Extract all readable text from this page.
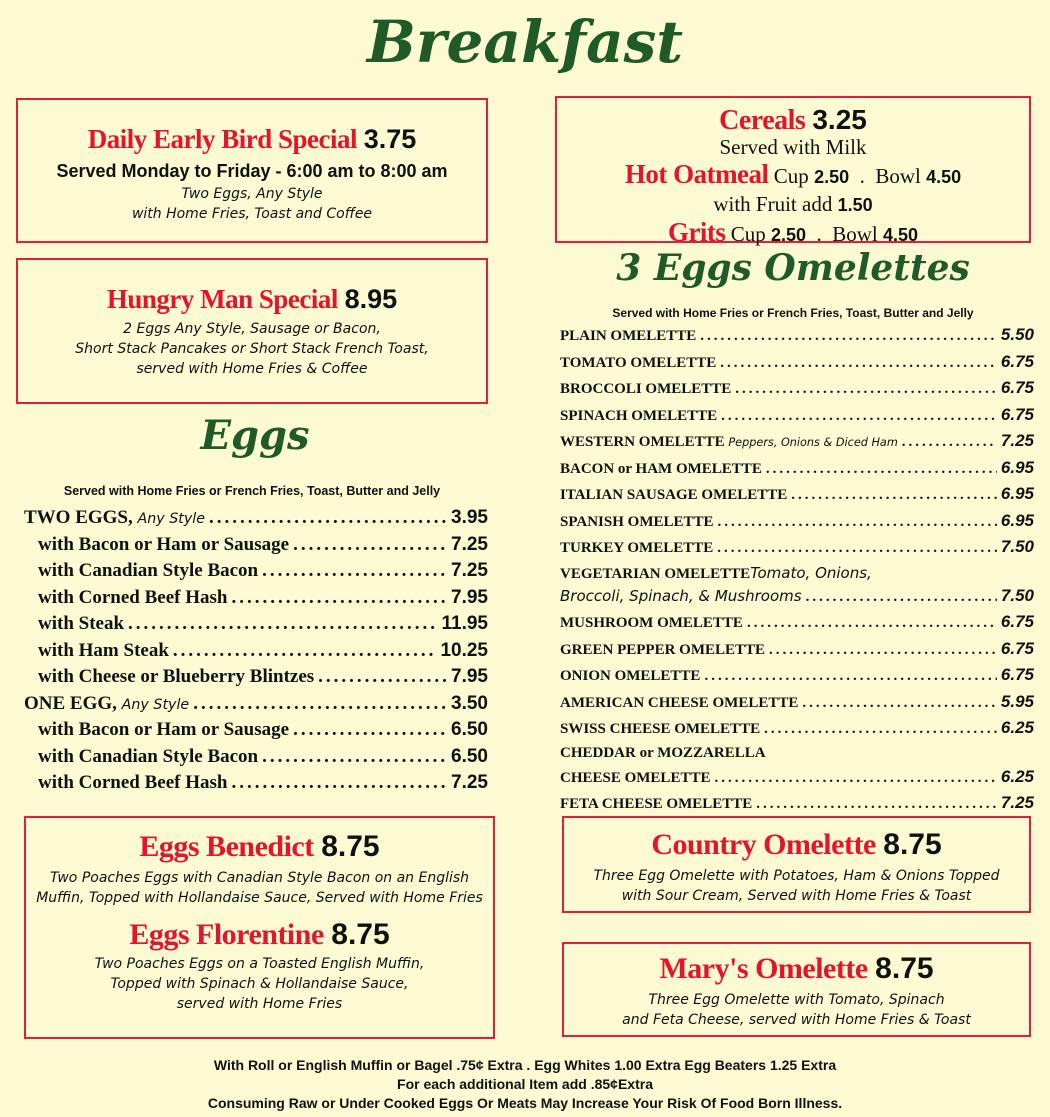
Breakfast
Daily Early Bird Special 3.75
Served Monday to Friday - 6:00 am to 8:00 am
Two Eggs, Any Style
with Home Fries, Toast and Coffee
Hungry Man Special 8.95
2 Eggs Any Style, Sausage or Bacon,
Short Stack Pancakes or Short Stack French Toast,
served with Home Fries & Coffee
Eggs
Served with Home Fries or French Fries, Toast, Butter and Jelly
TWO EGGS,
Any Style .....	3.95
with Bacon or Ham or Sausage .....	7.25
with Canadian Style Bacon .....	7.25
with Corned Beef Hash .....	7.95
with Steak .....	11.95
with Ham Steak .....	10.25
with Cheese or Blueberry Blintzes .....	7.95
ONE EGG,
Any Style .....	3.50
with Bacon or Ham or Sausage .....	6.50
with Canadian Style Bacon .....	6.50
with Corned Beef Hash .....	7.25
Eggs Benedict 8.75
Two Poaches Eggs with Canadian Style Bacon on an English
Muffin, Topped with Hollandaise Sauce, Served with Home Fries
Eggs Florentine 8.75
Two Poaches Eggs on a Toasted English Muffin,
Topped with Spinach & Hollandaise Sauce,
served with Home Fries
Cereals 3.25
Served with Milk
Hot Oatmeal Cup 2.50  .  Bowl 4.50
with Fruit add 1.50
Grits Cup 2.50  .  Bowl 4.50
3 Eggs Omelettes
Served with Home Fries or French Fries, Toast, Butter and Jelly
PLAIN OMELETTE .....	5.50
TOMATO OMELETTE .....	6.75
BROCCOLI OMELETTE .....	6.75
SPINACH OMELETTE .....	6.75
WESTERN OMELETTE
Peppers, Onions & Diced Ham .....	7.25
BACON or HAM OMELETTE .....	6.95
ITALIAN SAUSAGE OMELETTE .....	6.95
SPANISH OMELETTE .....	6.95
TURKEY OMELETTE .....	7.50
VEGETARIAN OMELETTE Tomato, Onions,
Broccoli, Spinach, & Mushrooms .....	7.50
MUSHROOM OMELETTE .....	6.75
GREEN PEPPER OMELETTE .....	6.75
ONION OMELETTE .....	6.75
AMERICAN CHEESE OMELETTE .....	5.95
SWISS CHEESE OMELETTE .....	6.25
CHEDDAR or MOZZARELLA
CHEESE OMELETTE .....	6.25
FETA CHEESE OMELETTE .....	7.25
Country Omelette 8.75
Three Egg Omelette with Potatoes, Ham & Onions Topped
with Sour Cream, Served with Home Fries & Toast
Mary's Omelette 8.75
Three Egg Omelette with Tomato, Spinach
and Feta Cheese, served with Home Fries & Toast
With Roll or English Muffin or Bagel .75¢ Extra . Egg Whites 1.00 Extra Egg Beaters 1.25 Extra
For each additional Item add .85¢Extra
Consuming Raw or Under Cooked Eggs Or Meats May Increase Your Risk Of Food Born Illness.
